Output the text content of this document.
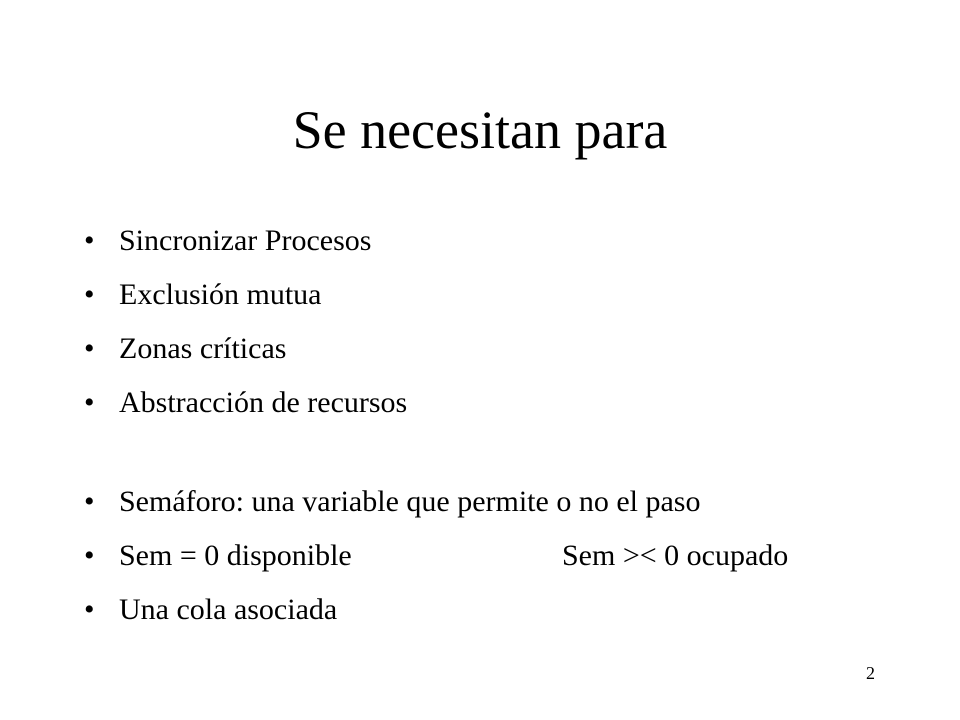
Se necesitan para
• Sincronizar Procesos
• Exclusión mutua
• Zonas críticas
• Abstracción de recursos
• Semáforo: una variable que permite o no el paso
• Sem = 0 disponible	Sem >< 0 ocupado
• Una cola asociada
2
